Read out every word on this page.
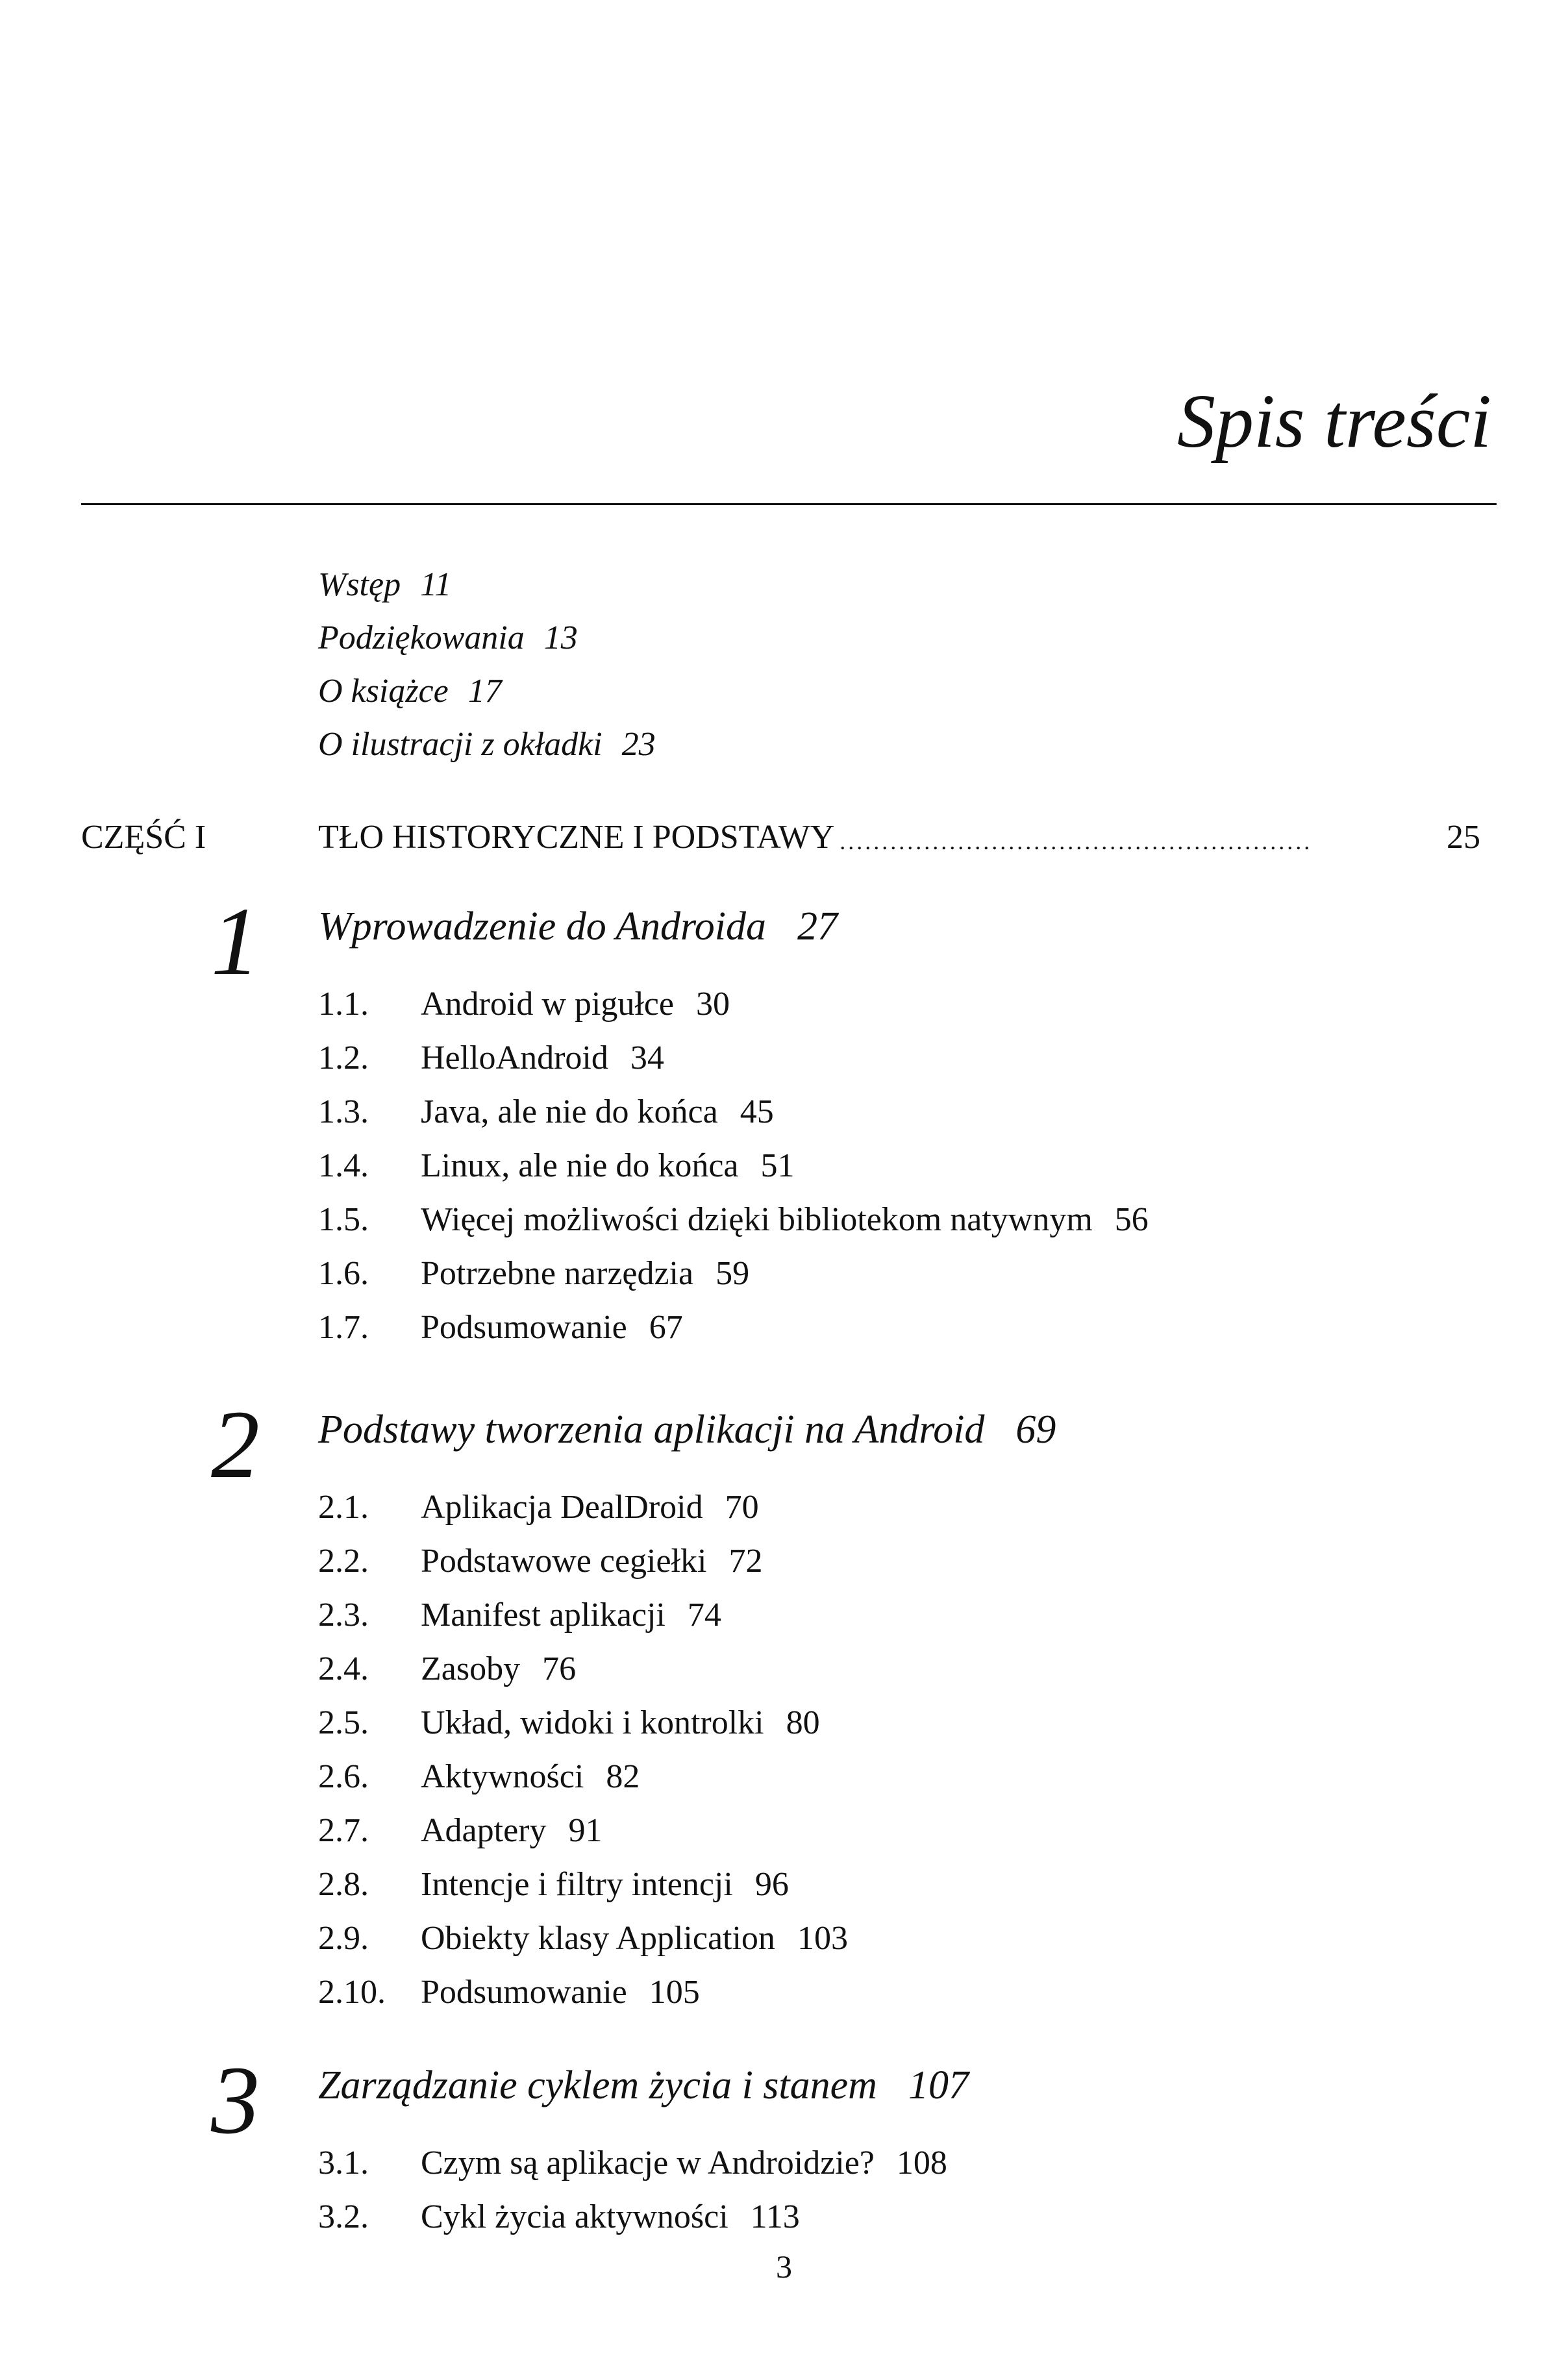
Spis treści
Wstęp 11
Podziękowania 13
O książce 17
O ilustracji z okładki 23
CZĘŚĆ I	TŁO HISTORYCZNE I PODSTAWY ........................................................	25
1 Wprowadzenie do Androida 27
1.1.	Android w pigułce 30
1.2.	HelloAndroid 34
1.3.	Java, ale nie do końca 45
1.4.	Linux, ale nie do końca 51
1.5.	Więcej możliwości dzięki bibliotekom natywnym 56
1.6.	Potrzebne narzędzia 59
1.7.	Podsumowanie 67
2 Podstawy tworzenia aplikacji na Android 69
2.1.	Aplikacja DealDroid 70
2.2.	Podstawowe cegiełki 72
2.3.	Manifest aplikacji 74
2.4.	Zasoby 76
2.5.	Układ, widoki i kontrolki 80
2.6.	Aktywności 82
2.7.	Adaptery 91
2.8.	Intencje i filtry intencji 96
2.9.	Obiekty klasy Application 103
2.10.	Podsumowanie 105
3 Zarządzanie cyklem życia i stanem 107
3.1.	Czym są aplikacje w Androidzie? 108
3.2.	Cykl życia aktywności 113
3
